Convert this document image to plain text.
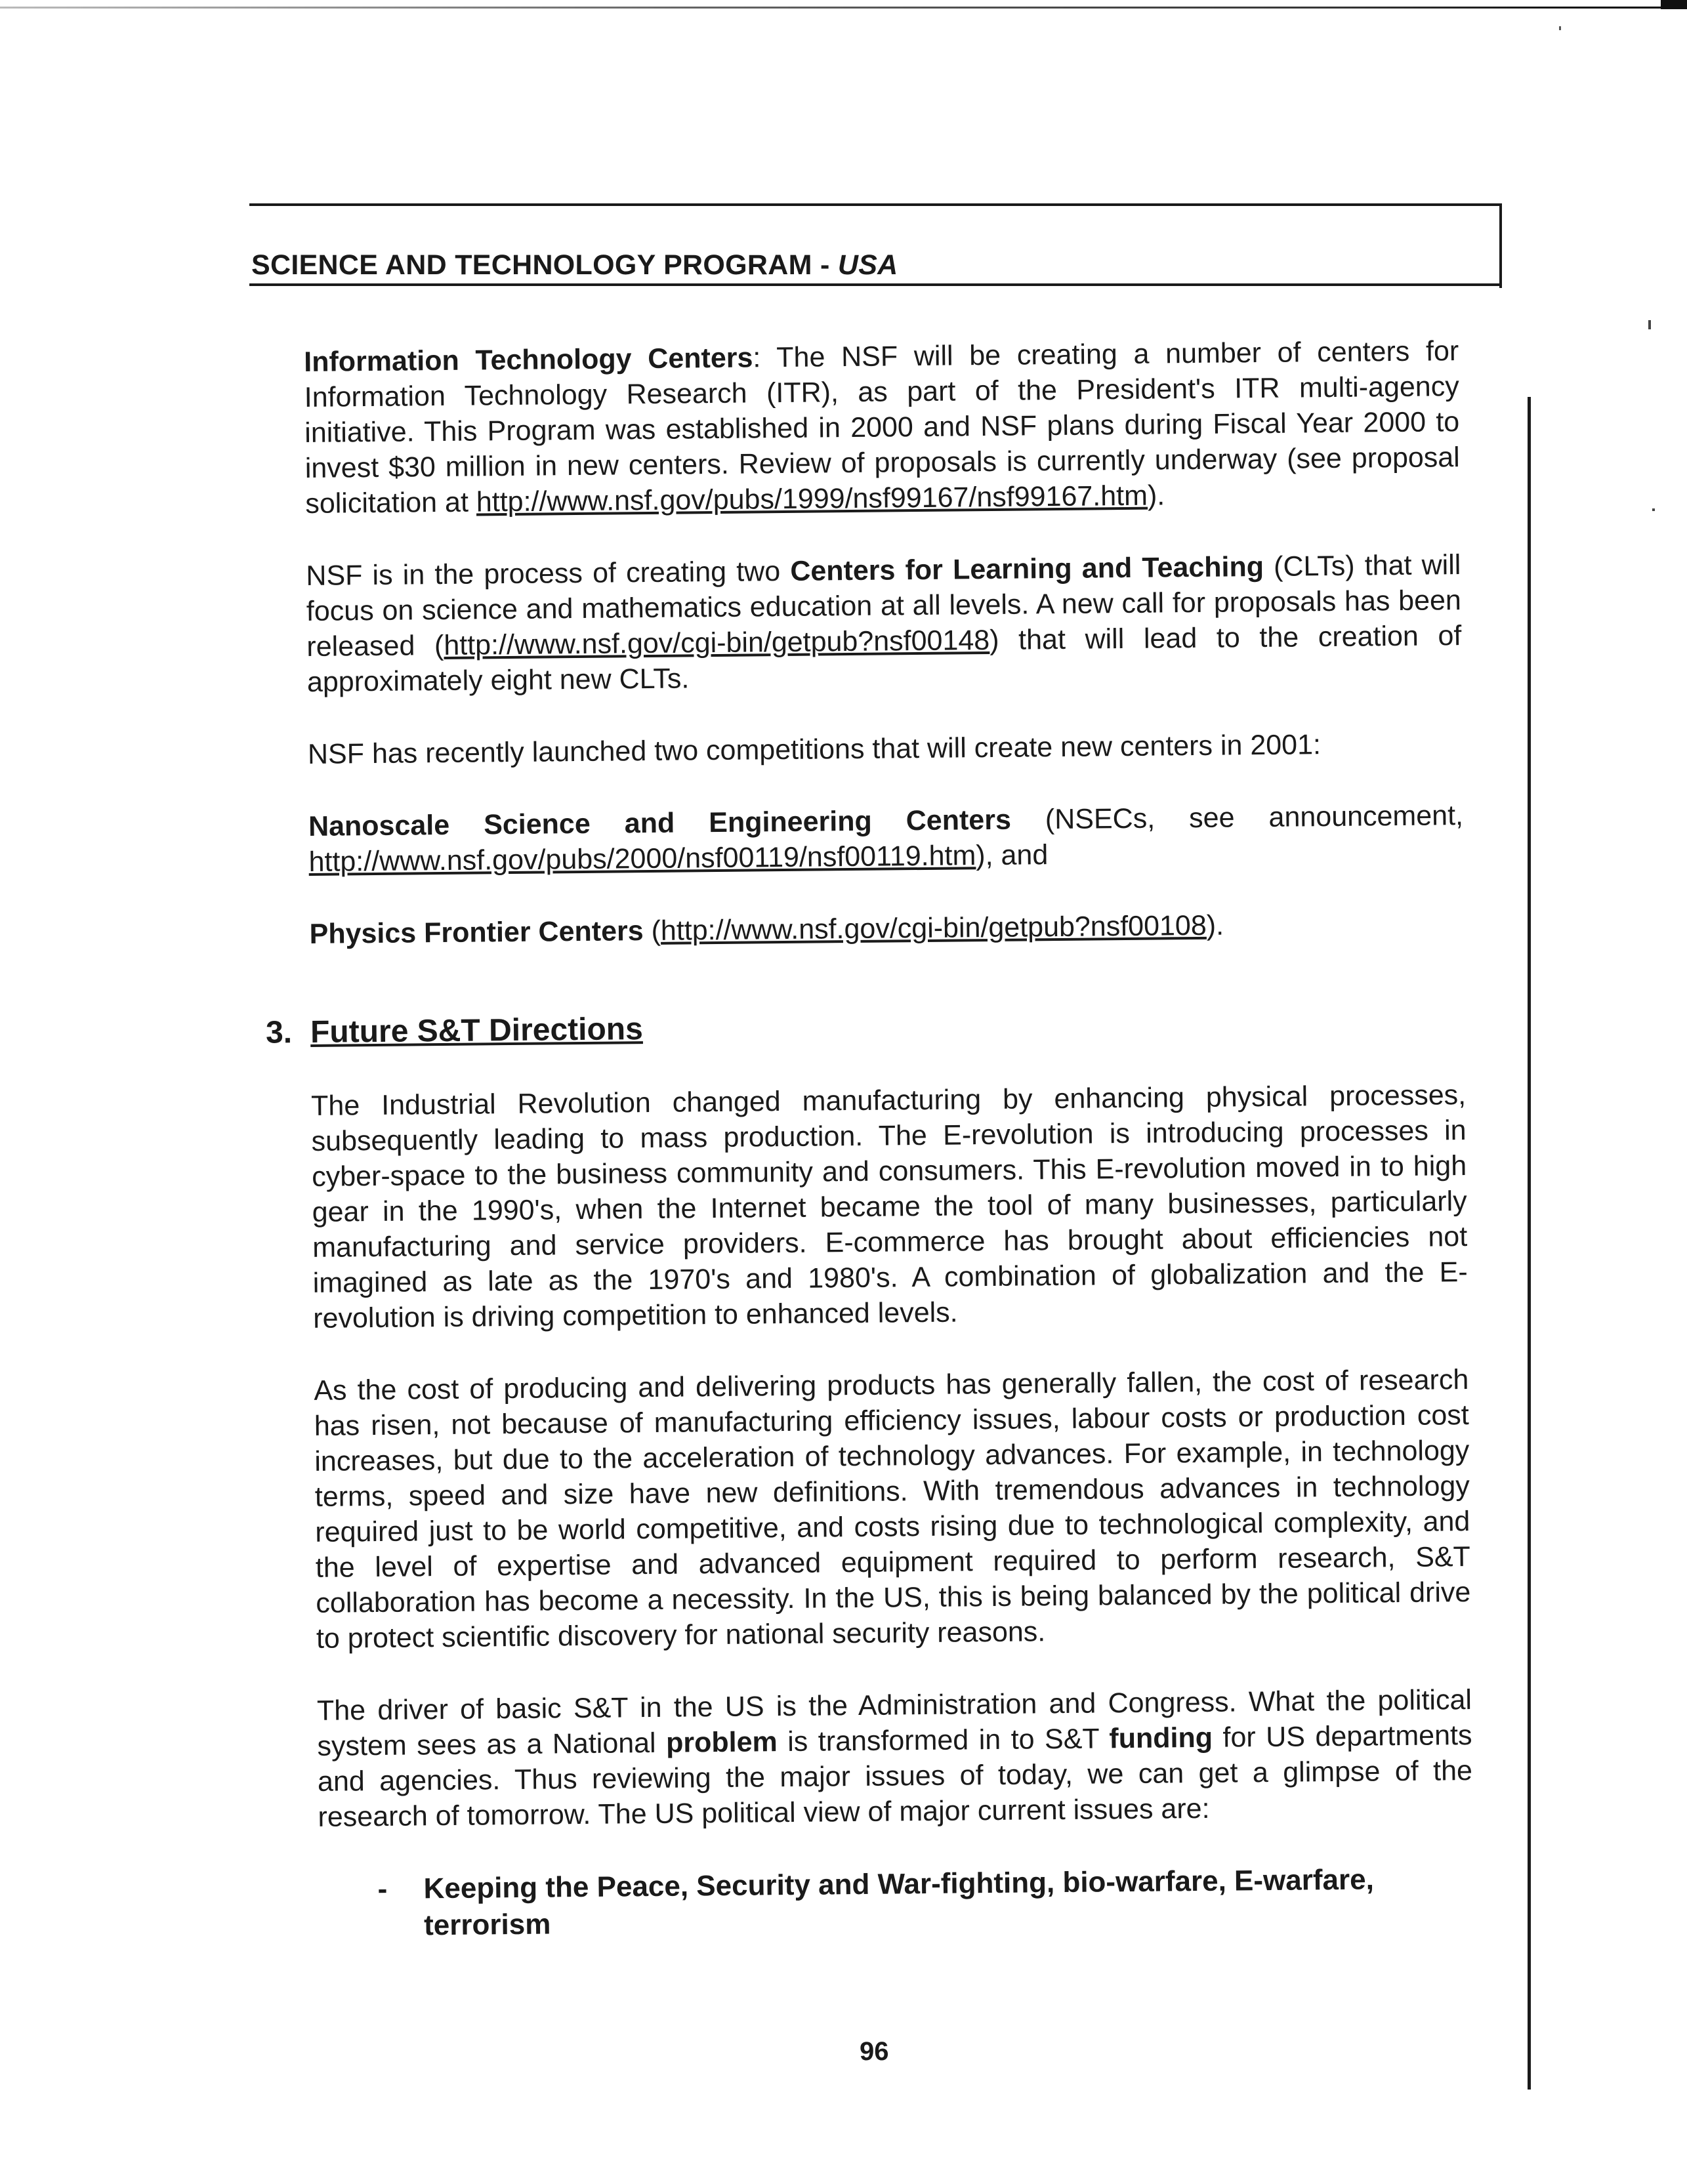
SCIENCE AND TECHNOLOGY PROGRAM - USA

Information Technology Centers: The NSF will be creating a number of centers for Information Technology Research (ITR), as part of the President's ITR multi-agency initiative. This Program was established in 2000 and NSF plans during Fiscal Year 2000 to invest $30 million in new centers. Review of proposals is currently underway (see proposal solicitation at http://www.nsf.gov/pubs/1999/nsf99167/nsf99167.htm).

NSF is in the process of creating two Centers for Learning and Teaching (CLTs) that will focus on science and mathematics education at all levels. A new call for proposals has been released (http://www.nsf.gov/cgi-bin/getpub?nsf00148) that will lead to the creation of approximately eight new CLTs.

NSF has recently launched two competitions that will create new centers in 2001:

Nanoscale Science and Engineering Centers (NSECs, see announcement, http://www.nsf.gov/pubs/2000/nsf00119/nsf00119.htm), and

Physics Frontier Centers (http://www.nsf.gov/cgi-bin/getpub?nsf00108).

3. Future S&T Directions

The Industrial Revolution changed manufacturing by enhancing physical processes, subsequently leading to mass production. The E-revolution is introducing processes in cyber-space to the business community and consumers. This E-revolution moved in to high gear in the 1990's, when the Internet became the tool of many businesses, particularly manufacturing and service providers. E-commerce has brought about efficiencies not imagined as late as the 1970's and 1980's. A combination of globalization and the E-revolution is driving competition to enhanced levels.

As the cost of producing and delivering products has generally fallen, the cost of research has risen, not because of manufacturing efficiency issues, labour costs or production cost increases, but due to the acceleration of technology advances. For example, in technology terms, speed and size have new definitions. With tremendous advances in technology required just to be world competitive, and costs rising due to technological complexity, and the level of expertise and advanced equipment required to perform research, S&T collaboration has become a necessity. In the US, this is being balanced by the political drive to protect scientific discovery for national security reasons.

The driver of basic S&T in the US is the Administration and Congress. What the political system sees as a National problem is transformed in to S&T funding for US departments and agencies. Thus reviewing the major issues of today, we can get a glimpse of the research of tomorrow. The US political view of major current issues are:

-	Keeping the Peace, Security and War-fighting, bio-warfare, E-warfare, terrorism
96
